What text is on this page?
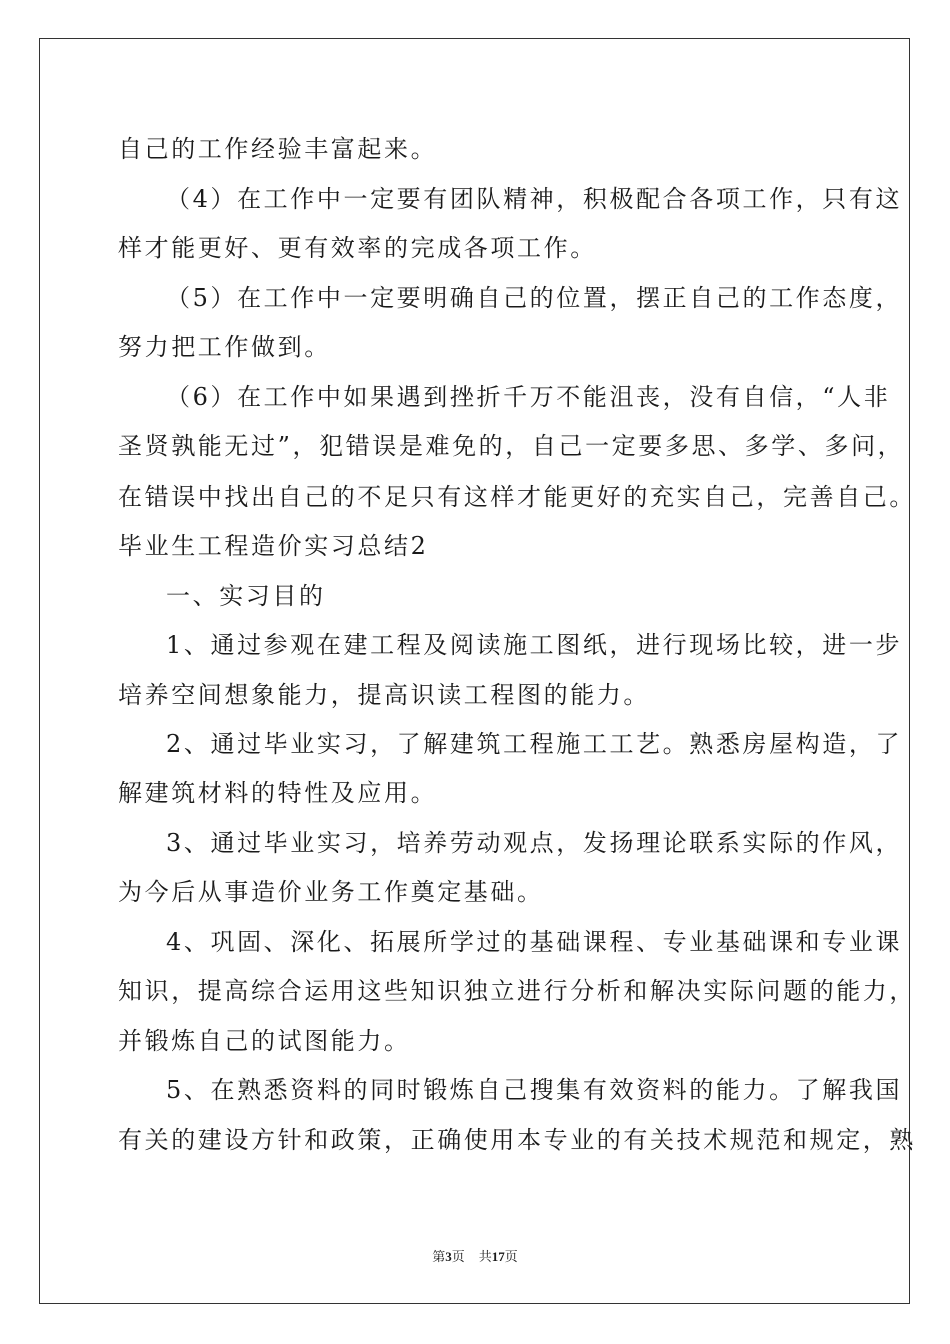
自己的工作经验丰富起来。
（4）在工作中一定要有团队精神，积极配合各项工作，只有这
样才能更好、更有效率的完成各项工作。
（5）在工作中一定要明确自己的位置，摆正自己的工作态度，
努力把工作做到。
（6）在工作中如果遇到挫折千万不能沮丧，没有自信，“人非
圣贤孰能无过”，犯错误是难免的，自己一定要多思、多学、多问，
在错误中找出自己的不足只有这样才能更好的充实自己，完善自己。
毕业生工程造价实习总结2
一、实习目的
1、通过参观在建工程及阅读施工图纸，进行现场比较，进一步
培养空间想象能力，提高识读工程图的能力。
2、通过毕业实习，了解建筑工程施工工艺。熟悉房屋构造，了
解建筑材料的特性及应用。
3、通过毕业实习，培养劳动观点，发扬理论联系实际的作风，
为今后从事造价业务工作奠定基础。
4、巩固、深化、拓展所学过的基础课程、专业基础课和专业课
知识，提高综合运用这些知识独立进行分析和解决实际问题的能力，
并锻炼自己的试图能力。
5、在熟悉资料的同时锻炼自己搜集有效资料的能力。了解我国
有关的建设方针和政策，正确使用本专业的有关技术规范和规定，熟
第3页 共17页
